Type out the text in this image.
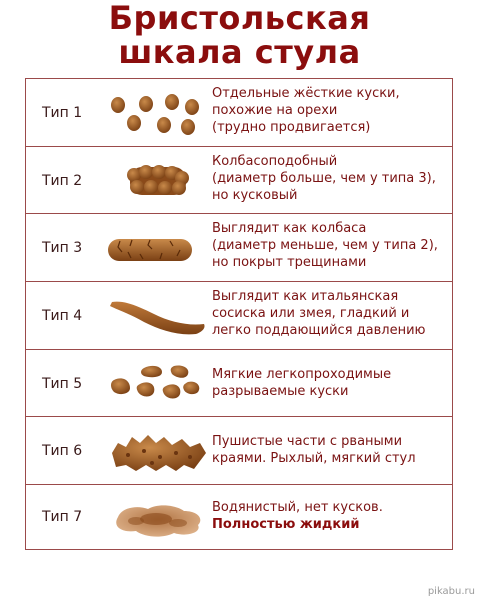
Бристольская
шкала стула
Тип 1
Отдельные жёсткие куски,
похожие на орехи
(трудно продвигается)
Тип 2
Колбасоподобный
(диаметр больше, чем у типа 3),
но кусковый
Тип 3
Выглядит как колбаса
(диаметр меньше, чем у типа 2),
но покрыт трещинами
Тип 4
Выглядит как итальянская
сосиска или змея, гладкий и
легко поддающийся давлению
Тип 5
Мягкие легкопроходимые
разрываемые куски
Тип 6
Пушистые части с рваными
краями. Рыхлый, мягкий стул
Тип 7
Водянистый, нет кусков.
Полностью жидкий
pikabu.ru
